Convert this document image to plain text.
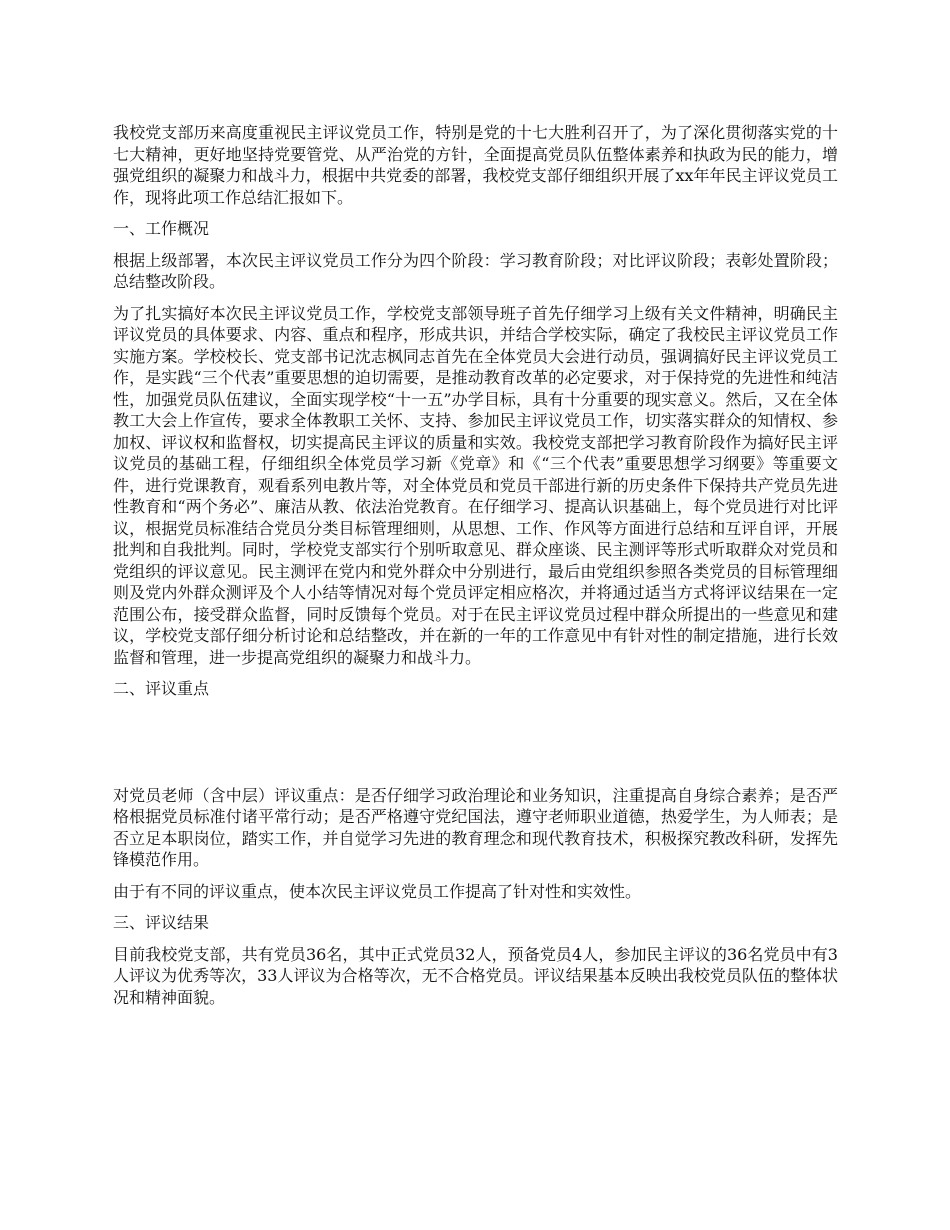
我校党支部历来高度重视民主评议党员工作，特别是党的十七大胜利召开了，为了深化贯彻落实党的十七大精神，更好地坚持党要管党、从严治党的方针，全面提高党员队伍整体素养和执政为民的能力，增强党组织的凝聚力和战斗力，根据中共党委的部署，我校党支部仔细组织开展了xx年年民主评议党员工作，现将此项工作总结汇报如下。

一、工作概况

根据上级部署，本次民主评议党员工作分为四个阶段：学习教育阶段；对比评议阶段；表彰处置阶段；总结整改阶段。

为了扎实搞好本次民主评议党员工作，学校党支部领导班子首先仔细学习上级有关文件精神，明确民主评议党员的具体要求、内容、重点和程序，形成共识，并结合学校实际，确定了我校民主评议党员工作实施方案。学校校长、党支部书记沈志枫同志首先在全体党员大会进行动员，强调搞好民主评议党员工作，是实践“三个代表”重要思想的迫切需要，是推动教育改革的必定要求，对于保持党的先进性和纯洁性，加强党员队伍建议，全面实现学校“十一五”办学目标，具有十分重要的现实意义。然后，又在全体教工大会上作宣传，要求全体教职工关怀、支持、参加民主评议党员工作，切实落实群众的知情权、参加权、评议权和监督权，切实提高民主评议的质量和实效。我校党支部把学习教育阶段作为搞好民主评议党员的基础工程，仔细组织全体党员学习新《党章》和《“三个代表”重要思想学习纲要》等重要文件，进行党课教育，观看系列电教片等，对全体党员和党员干部进行新的历史条件下保持共产党员先进性教育和“两个务必”、廉洁从教、依法治党教育。在仔细学习、提高认识基础上，每个党员进行对比评议，根据党员标准结合党员分类目标管理细则，从思想、工作、作风等方面进行总结和互评自评，开展批判和自我批判。同时，学校党支部实行个别听取意见、群众座谈、民主测评等形式听取群众对党员和党组织的评议意见。民主测评在党内和党外群众中分别进行，最后由党组织参照各类党员的目标管理细则及党内外群众测评及个人小结等情况对每个党员评定相应格次，并将通过适当方式将评议结果在一定范围公布，接受群众监督，同时反馈每个党员。对于在民主评议党员过程中群众所提出的一些意见和建议，学校党支部仔细分析讨论和总结整改，并在新的一年的工作意见中有针对性的制定措施，进行长效监督和管理，进一步提高党组织的凝聚力和战斗力。

二、评议重点

对党员老师（含中层）评议重点：是否仔细学习政治理论和业务知识，注重提高自身综合素养；是否严格根据党员标准付诸平常行动；是否严格遵守党纪国法，遵守老师职业道德，热爱学生，为人师表；是否立足本职岗位，踏实工作，并自觉学习先进的教育理念和现代教育技术，积极探究教改科研，发挥先锋模范作用。

由于有不同的评议重点，使本次民主评议党员工作提高了针对性和实效性。

三、评议结果

目前我校党支部，共有党员36名，其中正式党员32人，预备党员4人，参加民主评议的36名党员中有3人评议为优秀等次，33人评议为合格等次，无不合格党员。评议结果基本反映出我校党员队伍的整体状况和精神面貌。
